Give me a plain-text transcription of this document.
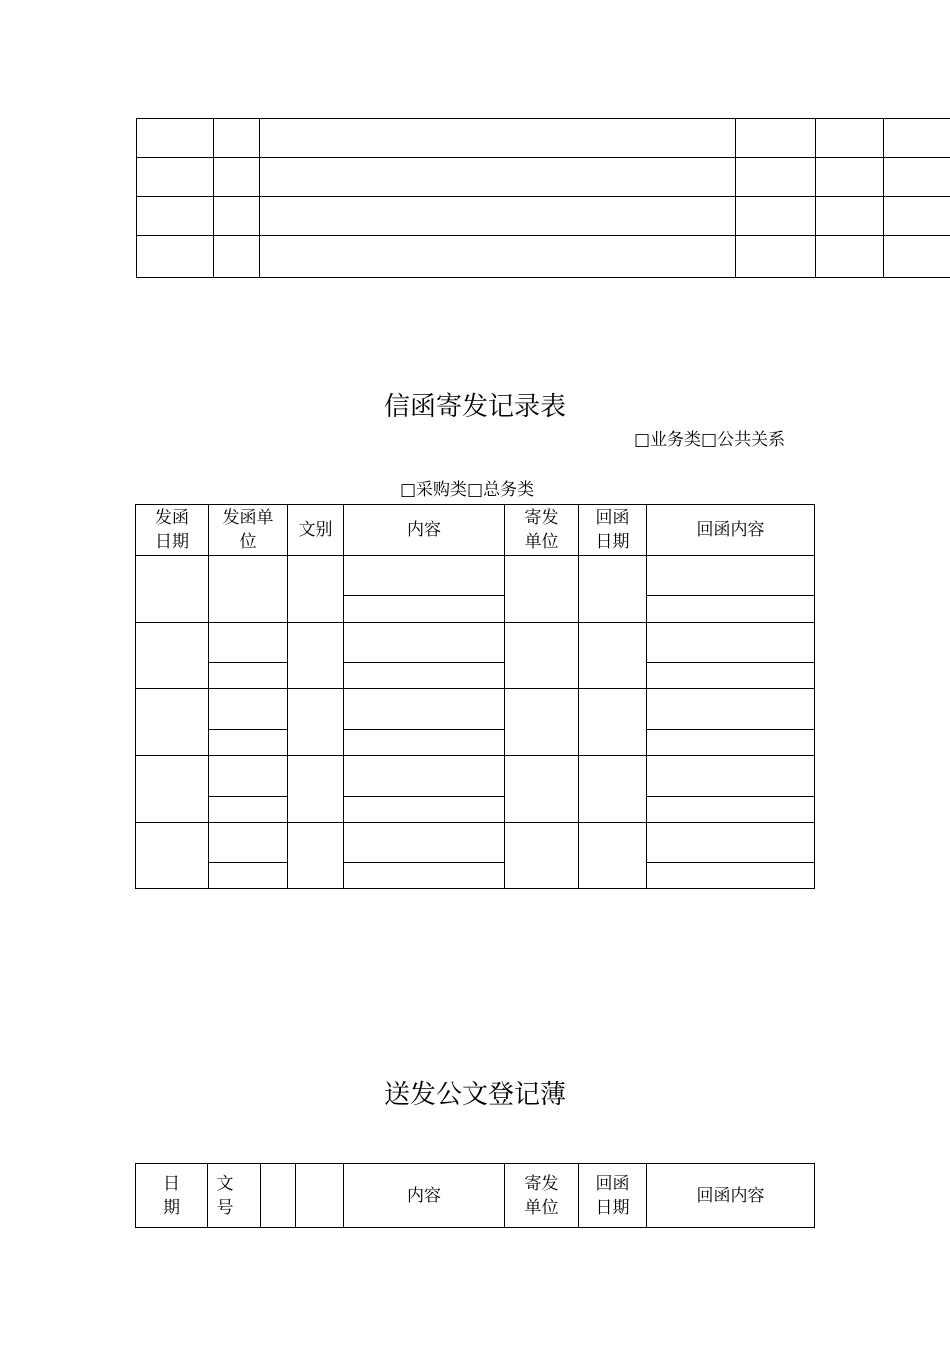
信函寄发记录表
□业务类□公共关系
□采购类□总务类
发函
日期
发函单
位
文别	内容
寄发
单位
回函
日期
回函内容
送发公文登记薄
日
期
文
号
内容
寄发
单位
回函
日期
回函内容
